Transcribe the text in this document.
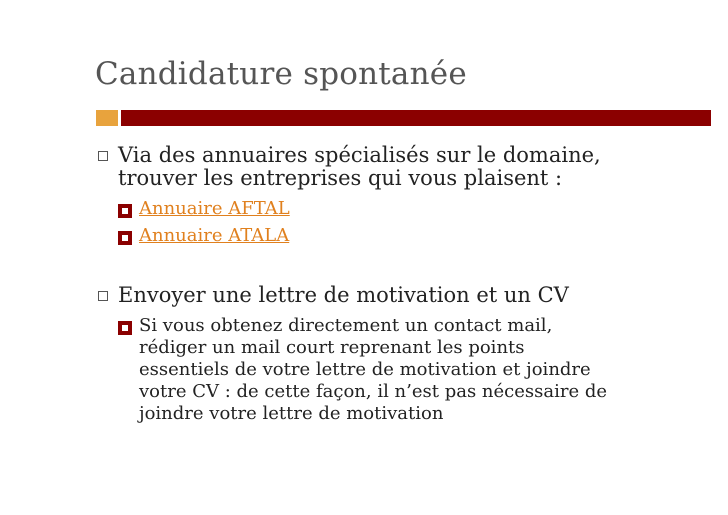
Candidature spontanée
Via des annuaires spécialisés sur le domaine,
trouver les entreprises qui vous plaisent :
Annuaire AFTAL
Annuaire ATALA
Envoyer une lettre de motivation et un CV
Si vous obtenez directement un contact mail,
rédiger un mail court reprenant les points
essentiels de votre lettre de motivation et joindre
votre CV : de cette façon, il n’est pas nécessaire de
joindre votre lettre de motivation
